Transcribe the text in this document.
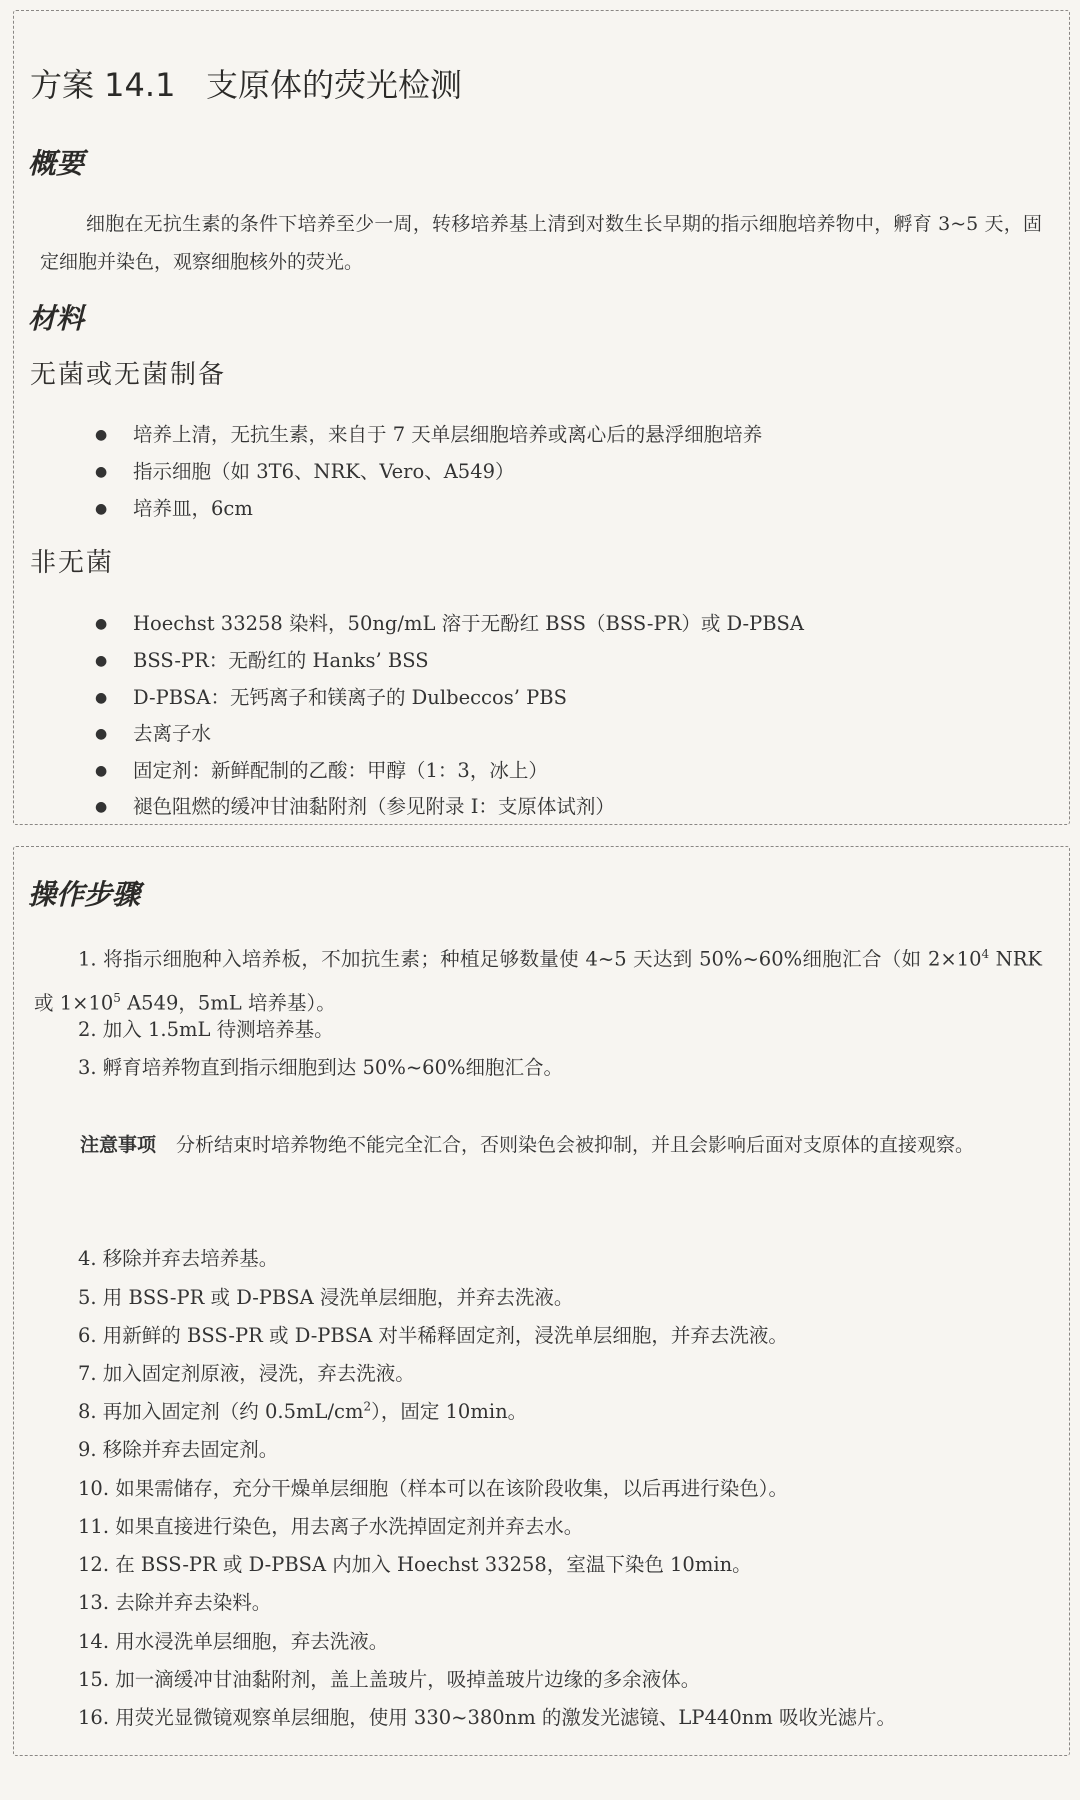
方案 14.1   支原体的荧光检测
概要
细胞在无抗生素的条件下培养至少一周，转移培养基上清到对数生长早期的指示细胞培养物中，孵育 3~5 天，固定细胞并染色，观察细胞核外的荧光。
材料
无菌或无菌制备
● 培养上清，无抗生素，来自于 7 天单层细胞培养或离心后的悬浮细胞培养
● 指示细胞（如 3T6、NRK、Vero、A549）
● 培养皿，6cm
非无菌
● Hoechst 33258 染料，50ng/mL 溶于无酚红 BSS（BSS-PR）或 D-PBSA
● BSS-PR：无酚红的 Hanks’ BSS
● D-PBSA：无钙离子和镁离子的 Dulbeccos’ PBS
● 去离子水
● 固定剂：新鲜配制的乙酸：甲醇（1：3，冰上）
● 褪色阻燃的缓冲甘油黏附剂（参见附录 I：支原体试剂）
操作步骤
1. 将指示细胞种入培养板，不加抗生素；种植足够数量使 4~5 天达到 50%~60%细胞汇合（如 $2\times 10^4$ NRK 或 $1\times 10^5$ A549，5mL 培养基）。
2. 加入 1.5mL 待测培养基。
3. 孵育培养物直到指示细胞到达 50%~60%细胞汇合。
注意事项 分析结束时培养物绝不能完全汇合，否则染色会被抑制，并且会影响后面对支原体的直接观察。
4. 移除并弃去培养基。
5. 用 BSS-PR 或 D-PBSA 浸洗单层细胞，并弃去洗液。
6. 用新鲜的 BSS-PR 或 D-PBSA 对半稀释固定剂，浸洗单层细胞，并弃去洗液。
7. 加入固定剂原液，浸洗，弃去洗液。
8. 再加入固定剂（约 $0.5mL/cm^2$），固定 10min。
9. 移除并弃去固定剂。
10. 如果需储存，充分干燥单层细胞（样本可以在该阶段收集，以后再进行染色）。
11. 如果直接进行染色，用去离子水洗掉固定剂并弃去水。
12. 在 BSS-PR 或 D-PBSA 内加入 Hoechst 33258，室温下染色 10min。
13. 去除并弃去染料。
14. 用水浸洗单层细胞，弃去洗液。
15. 加一滴缓冲甘油黏附剂，盖上盖玻片，吸掉盖玻片边缘的多余液体。
16. 用荧光显微镜观察单层细胞，使用 330~380nm 的激发光滤镜、LP440nm 吸收光滤片。
